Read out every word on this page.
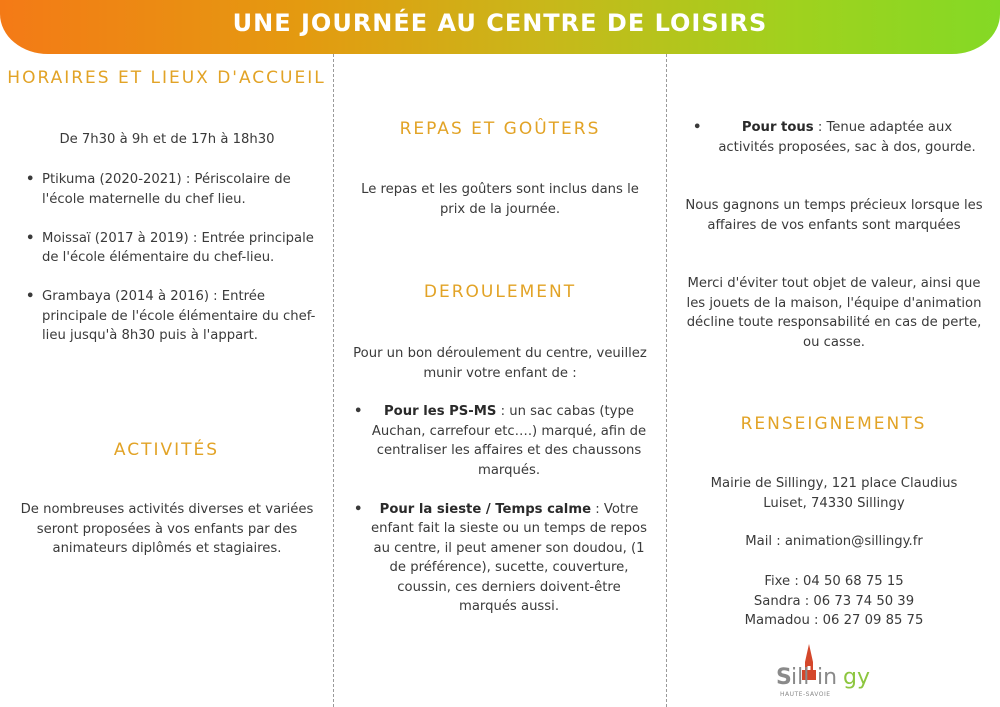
UNE JOURNÉE AU CENTRE DE LOISIRS
HORAIRES ET LIEUX D'ACCUEIL
De 7h30 à 9h et de 17h à 18h30
• Ptikuma (2020-2021) : Périscolaire de l'école maternelle du chef lieu.
• Moissaï (2017 à 2019) : Entrée principale de l'école élémentaire du chef-lieu.
• Grambaya (2014 à 2016) : Entrée principale de l'école élémentaire du chef-lieu jusqu'à 8h30 puis à l'appart.
ACTIVITÉS
De nombreuses activités diverses et variées seront proposées à vos enfants par des animateurs diplômés et stagiaires.
REPAS ET GOÛTERS
Le repas et les goûters sont inclus dans le prix de la journée.
DEROULEMENT
Pour un bon déroulement du centre, veuillez munir votre enfant de :
• Pour les PS-MS : un sac cabas (type Auchan, carrefour etc….) marqué, afin de centraliser les affaires et des chaussons marqués.
• Pour la sieste / Temps calme : Votre enfant fait la sieste ou un temps de repos au centre, il peut amener son doudou, (1 de préférence), sucette, couverture, coussin, ces derniers doivent-être marqués aussi.
•	Pour tous : Tenue adaptée aux activités proposées, sac à dos, gourde.
Nous gagnons un temps précieux lorsque les affaires de vos enfants sont marquées
Merci d'éviter tout objet de valeur, ainsi que les jouets de la maison, l'équipe d'animation décline toute responsabilité en cas de perte, ou casse.
RENSEIGNEMENTS
Mairie de Sillingy, 121 place Claudius Luiset, 74330 Sillingy
Mail : animation@sillingy.fr
Fixe : 04 50 68 75 15
Sandra : 06 73 74 50 39
Mamadou : 06 27 09 85 75
S ill in gy
HAUTE-SAVOIE
